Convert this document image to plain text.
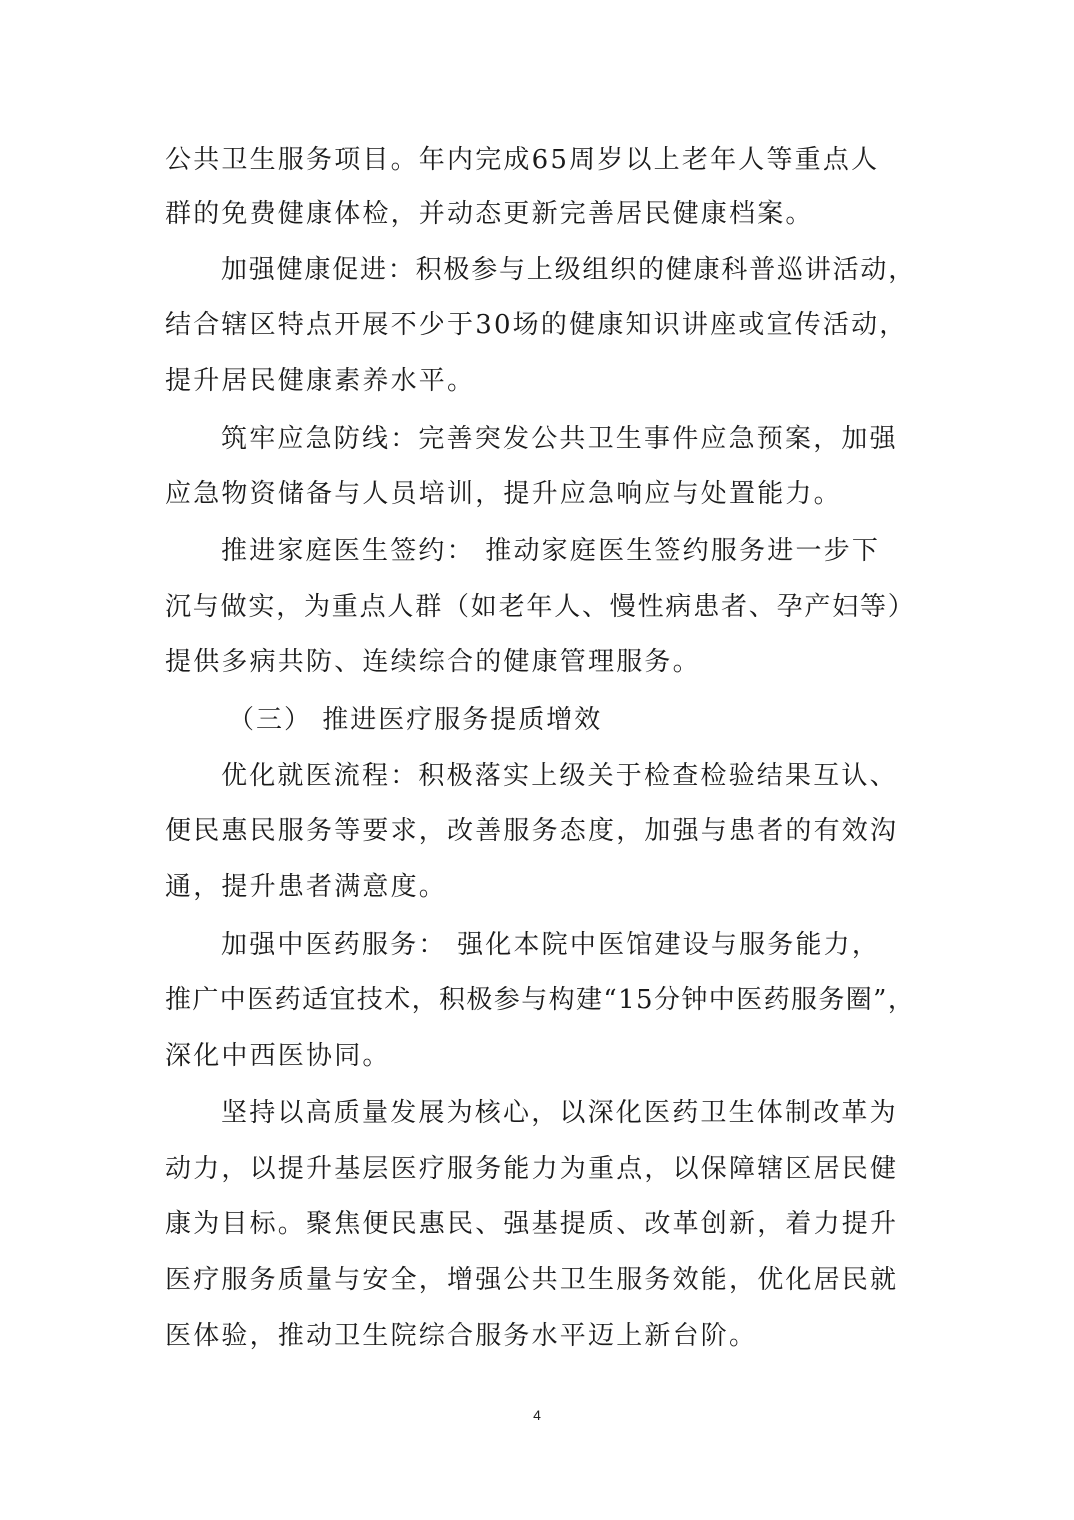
公共卫生服务项目。年内完成65周岁以上老年人等重点人
群的免费健康体检，并动态更新完善居民健康档案。
加强健康促进：积极参与上级组织的健康科普巡讲活动，
结合辖区特点开展不少于30场的健康知识讲座或宣传活动，
提升居民健康素养水平。
筑牢应急防线：完善突发公共卫生事件应急预案，加强
应急物资储备与人员培训，提升应急响应与处置能力。
推进家庭医生签约： 推动家庭医生签约服务进一步下
沉与做实，为重点人群（如老年人、慢性病患者、孕产妇等）
提供多病共防、连续综合的健康管理服务。
（三） 推进医疗服务提质增效
优化就医流程：积极落实上级关于检查检验结果互认、
便民惠民服务等要求，改善服务态度，加强与患者的有效沟
通，提升患者满意度。
加强中医药服务： 强化本院中医馆建设与服务能力，
推广中医药适宜技术，积极参与构建“15分钟中医药服务圈”，
深化中西医协同。
坚持以高质量发展为核心，以深化医药卫生体制改革为
动力，以提升基层医疗服务能力为重点，以保障辖区居民健
康为目标。聚焦便民惠民、强基提质、改革创新，着力提升
医疗服务质量与安全，增强公共卫生服务效能，优化居民就
医体验，推动卫生院综合服务水平迈上新台阶。
4
